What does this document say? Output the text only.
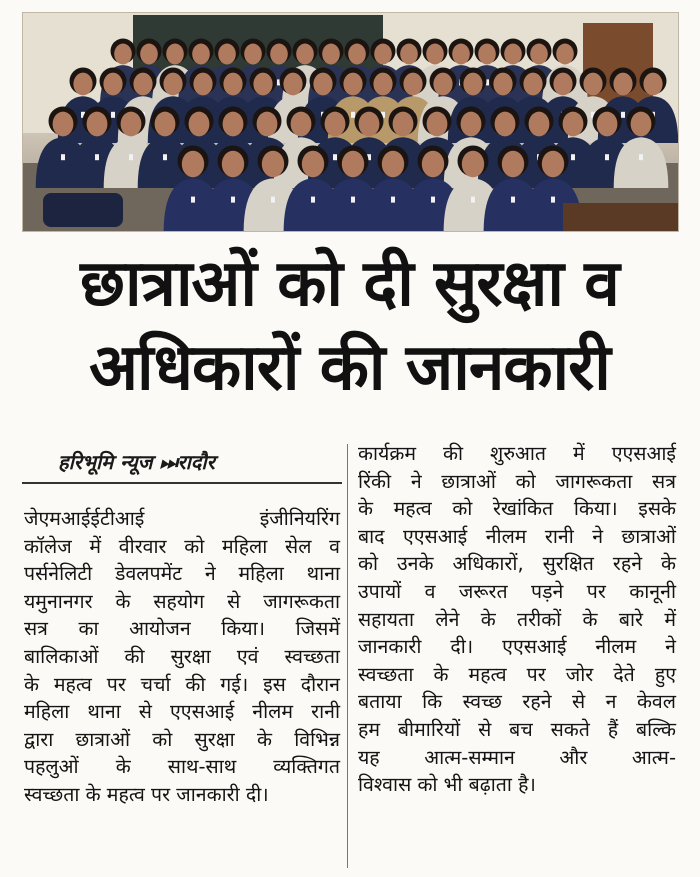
छात्राओं को दी सुरक्षा व
अधिकारों की जानकारी
हरिभूमि न्यूज ⏭रादौर
जेएमआईईटीआई इंजीनियरिंग
कॉलेज में वीरवार को महिला सेल व
पर्सनेलिटी डेवलपमेंट ने महिला थाना
यमुनानगर के सहयोग से जागरूकता
सत्र का आयोजन किया। जिसमें
बालिकाओं की सुरक्षा एवं स्वच्छता
के महत्व पर चर्चा की गई। इस दौरान
महिला थाना से एएसआई नीलम रानी
द्वारा छात्राओं को सुरक्षा के विभिन्न
पहलुओं के साथ-साथ व्यक्तिगत
स्वच्छता के महत्व पर जानकारी दी।
कार्यक्रम की शुरुआत में एएसआई
रिंकी ने छात्राओं को जागरूकता सत्र
के महत्व को रेखांकित किया। इसके
बाद एएसआई नीलम रानी ने छात्राओं
को उनके अधिकारों, सुरक्षित रहने के
उपायों व जरूरत पड़ने पर कानूनी
सहायता लेने के तरीकों के बारे में
जानकारी दी। एएसआई नीलम ने
स्वच्छता के महत्व पर जोर देते हुए
बताया कि स्वच्छ रहने से न केवल
हम बीमारियों से बच सकते हैं बल्कि
यह आत्म-सम्मान और आत्म-
विश्वास को भी बढ़ाता है।
